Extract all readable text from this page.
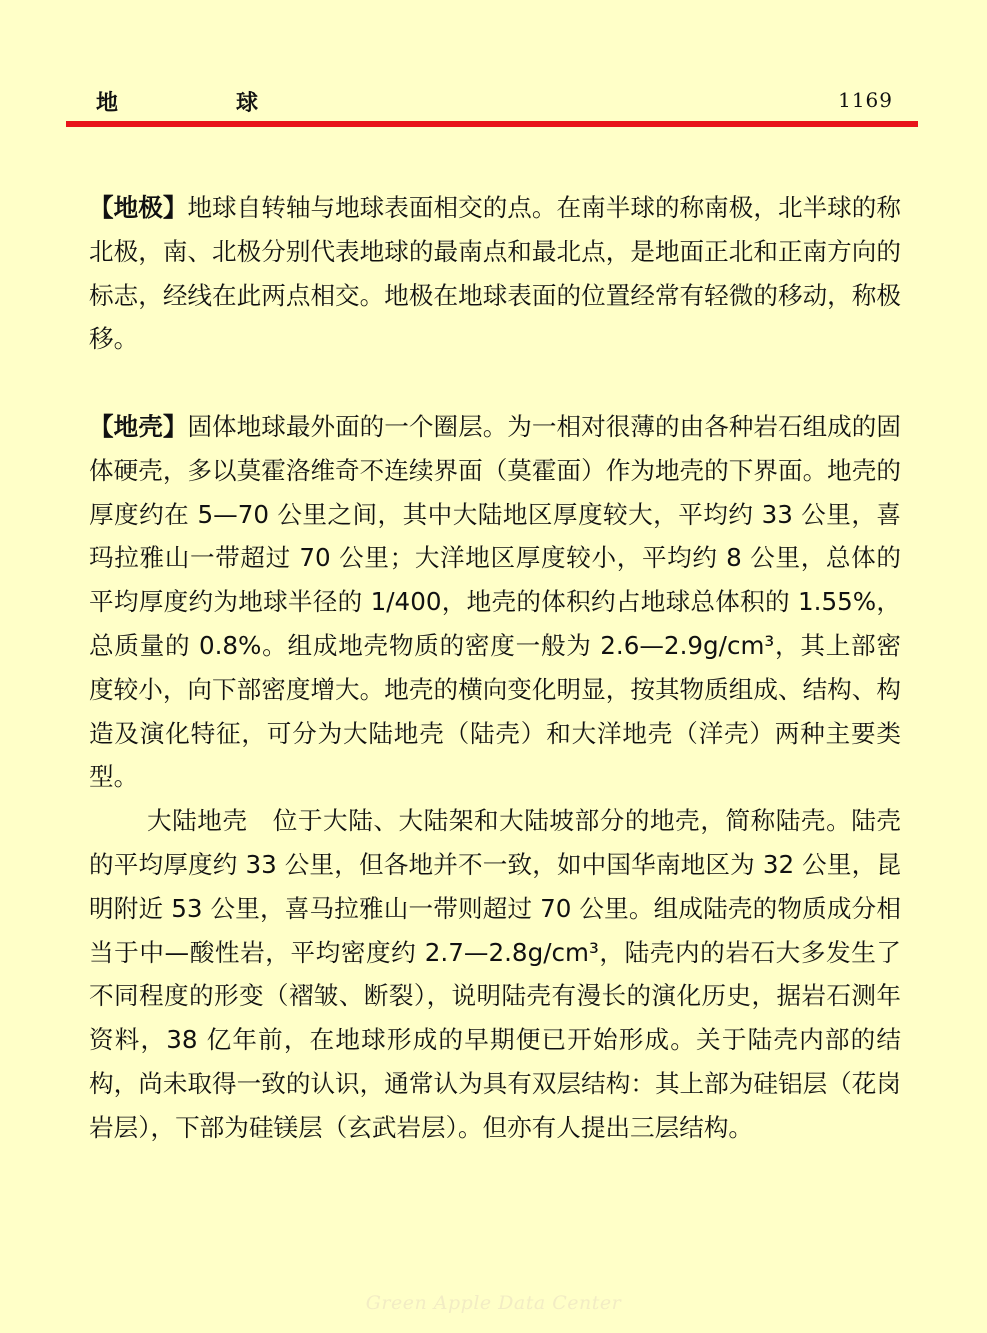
地球	1169

【地极】地球自转轴与地球表面相交的点。在南半球的称南极，北半球的称北极，南、北极分别代表地球的最南点和最北点，是地面正北和正南方向的标志，经线在此两点相交。地极在地球表面的位置经常有轻微的移动，称极移。

【地壳】固体地球最外面的一个圈层。为一相对很薄的由各种岩石组成的固体硬壳，多以莫霍洛维奇不连续界面（莫霍面）作为地壳的下界面。地壳的厚度约在 5—70 公里之间，其中大陆地区厚度较大，平均约 33 公里，喜玛拉雅山一带超过 70 公里；大洋地区厚度较小，平均约 8 公里，总体的平均厚度约为地球半径的 1/400，地壳的体积约占地球总体积的 1.55%，总质量的 0.8%。组成地壳物质的密度一般为 2.6—2.9g/cm³，其上部密度较小，向下部密度增大。地壳的横向变化明显，按其物质组成、结构、构造及演化特征，可分为大陆地壳（陆壳）和大洋地壳（洋壳）两种主要类型。

大陆地壳　位于大陆、大陆架和大陆坡部分的地壳，简称陆壳。陆壳的平均厚度约 33 公里，但各地并不一致，如中国华南地区为 32 公里，昆明附近 53 公里，喜马拉雅山一带则超过 70 公里。组成陆壳的物质成分相当于中—酸性岩，平均密度约 2.7—2.8g/cm³，陆壳内的岩石大多发生了不同程度的形变（褶皱、断裂），说明陆壳有漫长的演化历史，据岩石测年资料，38 亿年前，在地球形成的早期便已开始形成。关于陆壳内部的结构，尚未取得一致的认识，通常认为具有双层结构：其上部为硅铝层（花岗岩层），下部为硅镁层（玄武岩层）。但亦有人提出三层结构。

Green Apple Data Center
